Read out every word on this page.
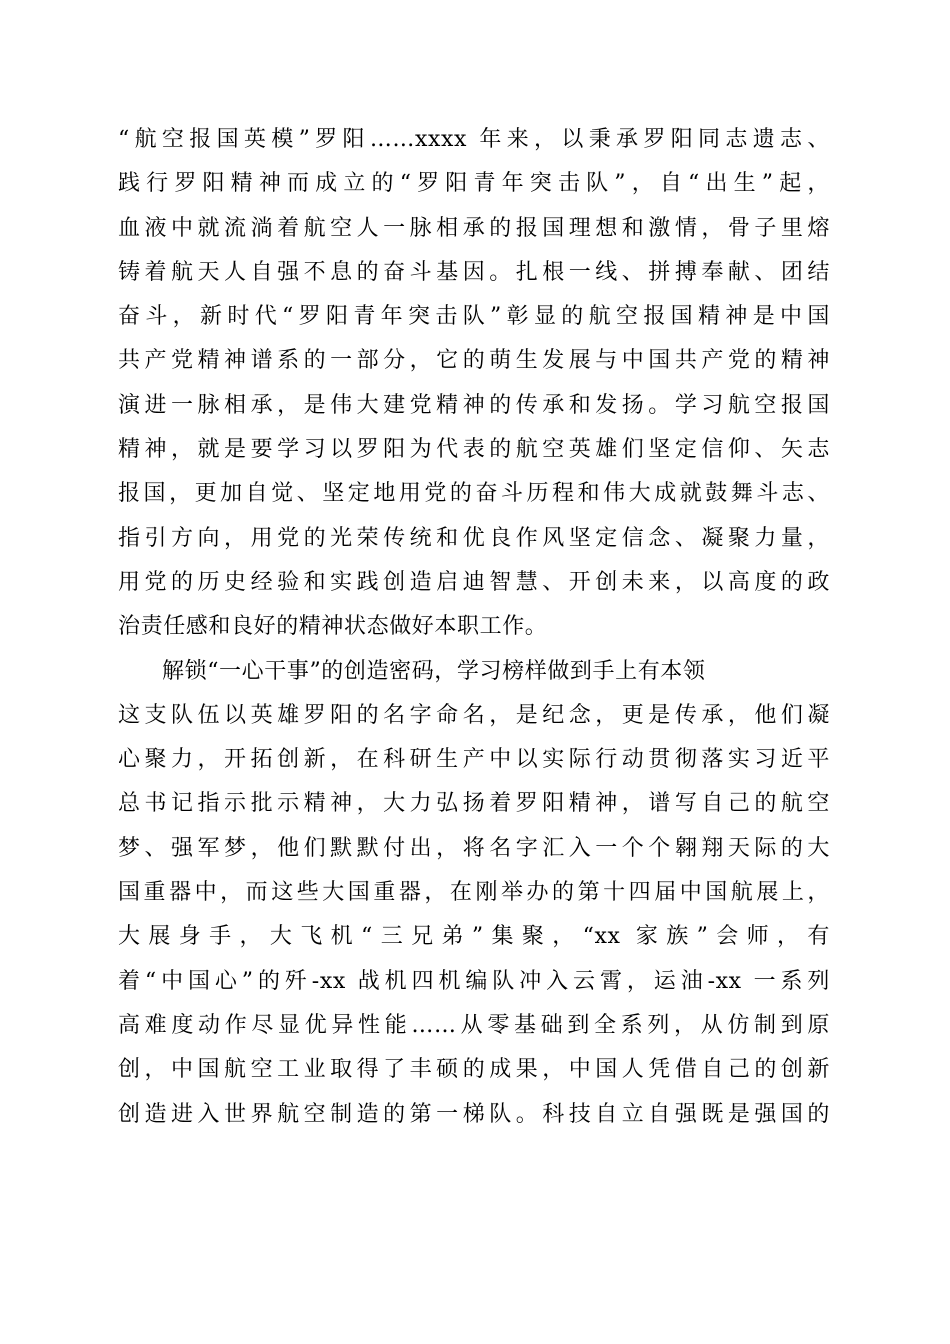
“航空报国英模”罗阳……xxxx 年来，以秉承罗阳同志遗志、
践行罗阳精神而成立的“罗阳青年突击队”，自“出生”起，
血液中就流淌着航空人一脉相承的报国理想和激情，骨子里熔
铸着航天人自强不息的奋斗基因。扎根一线、拼搏奉献、团结
奋斗，新时代“罗阳青年突击队”彰显的航空报国精神是中国
共产党精神谱系的一部分，它的萌生发展与中国共产党的精神
演进一脉相承，是伟大建党精神的传承和发扬。学习航空报国
精神，就是要学习以罗阳为代表的航空英雄们坚定信仰、矢志
报国，更加自觉、坚定地用党的奋斗历程和伟大成就鼓舞斗志、
指引方向，用党的光荣传统和优良作风坚定信念、凝聚力量，
用党的历史经验和实践创造启迪智慧、开创未来，以高度的政
治责任感和良好的精神状态做好本职工作。
解锁“一心干事”的创造密码，学习榜样做到手上有本领
这支队伍以英雄罗阳的名字命名，是纪念，更是传承，他们凝
心聚力，开拓创新，在科研生产中以实际行动贯彻落实习近平
总书记指示批示精神，大力弘扬着罗阳精神，谱写自己的航空
梦、强军梦，他们默默付出，将名字汇入一个个翱翔天际的大
国重器中，而这些大国重器，在刚举办的第十四届中国航展上，
大展身手，大飞机“三兄弟”集聚，“xx 家族”会师，有
着“中国心”的歼-xx 战机四机编队冲入云霄，运油-xx 一系列
高难度动作尽显优异性能……从零基础到全系列，从仿制到原
创，中国航空工业取得了丰硕的成果，中国人凭借自己的创新
创造进入世界航空制造的第一梯队。科技自立自强既是强国的
